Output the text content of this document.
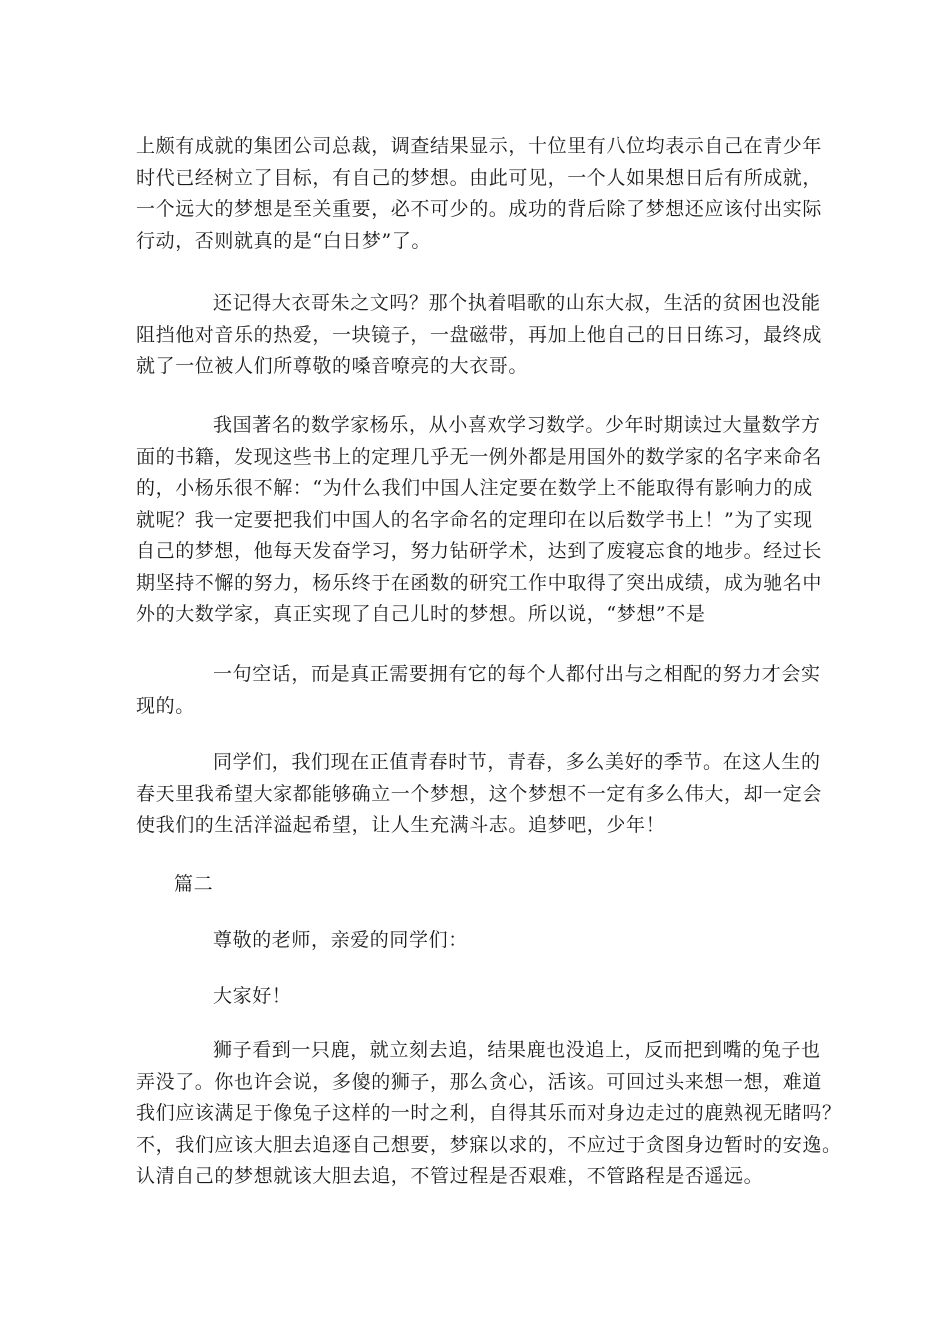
上颇有成就的集团公司总裁，调查结果显示，十位里有八位均表示自己在青少年
时代已经树立了目标，有自己的梦想。由此可见，一个人如果想日后有所成就，
一个远大的梦想是至关重要，必不可少的。成功的背后除了梦想还应该付出实际
行动，否则就真的是“白日梦”了。
还记得大衣哥朱之文吗？那个执着唱歌的山东大叔，生活的贫困也没能
阻挡他对音乐的热爱，一块镜子，一盘磁带，再加上他自己的日日练习，最终成
就了一位被人们所尊敬的嗓音嘹亮的大衣哥。
我国著名的数学家杨乐，从小喜欢学习数学。少年时期读过大量数学方
面的书籍，发现这些书上的定理几乎无一例外都是用国外的数学家的名字来命名
的，小杨乐很不解：“为什么我们中国人注定要在数学上不能取得有影响力的成
就呢？我一定要把我们中国人的名字命名的定理印在以后数学书上！”为了实现
自己的梦想，他每天发奋学习，努力钻研学术，达到了废寝忘食的地步。经过长
期坚持不懈的努力，杨乐终于在函数的研究工作中取得了突出成绩，成为驰名中
外的大数学家，真正实现了自己儿时的梦想。所以说，“梦想”不是
一句空话，而是真正需要拥有它的每个人都付出与之相配的努力才会实
现的。
同学们，我们现在正值青春时节，青春，多么美好的季节。在这人生的
春天里我希望大家都能够确立一个梦想，这个梦想不一定有多么伟大，却一定会
使我们的生活洋溢起希望，让人生充满斗志。追梦吧，少年！
篇二
尊敬的老师，亲爱的同学们：
大家好！
狮子看到一只鹿，就立刻去追，结果鹿也没追上，反而把到嘴的兔子也
弄没了。你也许会说，多傻的狮子，那么贪心，活该。可回过头来想一想，难道
我们应该满足于像兔子这样的一时之利，自得其乐而对身边走过的鹿熟视无睹吗？
不，我们应该大胆去追逐自己想要，梦寐以求的，不应过于贪图身边暂时的安逸。
认清自己的梦想就该大胆去追，不管过程是否艰难，不管路程是否遥远。
